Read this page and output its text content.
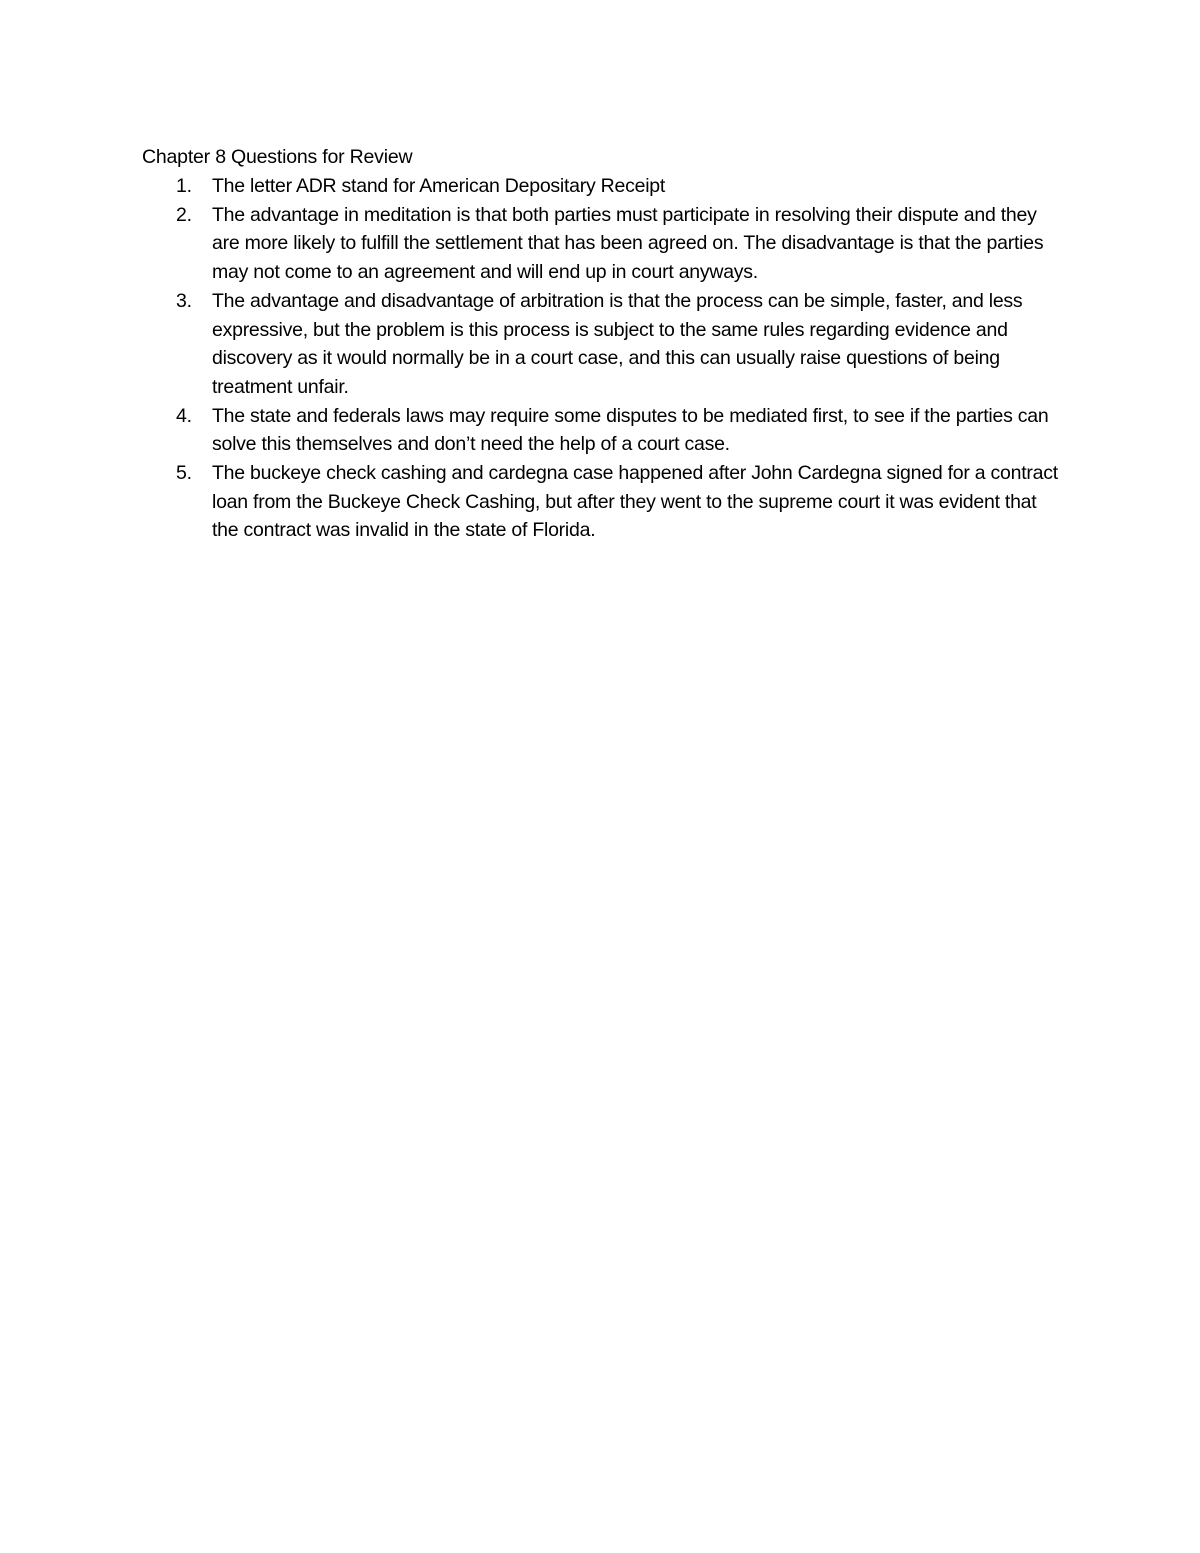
Chapter 8 Questions for Review

1. The letter ADR stand for American Depositary Receipt
2. The advantage in meditation is that both parties must participate in resolving their dispute and they are more likely to fulfill the settlement that has been agreed on. The disadvantage is that the parties may not come to an agreement and will end up in court anyways.
3. The advantage and disadvantage of arbitration is that the process can be simple, faster, and less expressive, but the problem is this process is subject to the same rules regarding evidence and discovery as it would normally be in a court case, and this can usually raise questions of being treatment unfair.
4. The state and federals laws may require some disputes to be mediated first, to see if the parties can solve this themselves and don’t need the help of a court case.
5. The buckeye check cashing and cardegna case happened after John Cardegna signed for a contract loan from the Buckeye Check Cashing, but after they went to the supreme court it was evident that the contract was invalid in the state of Florida.
